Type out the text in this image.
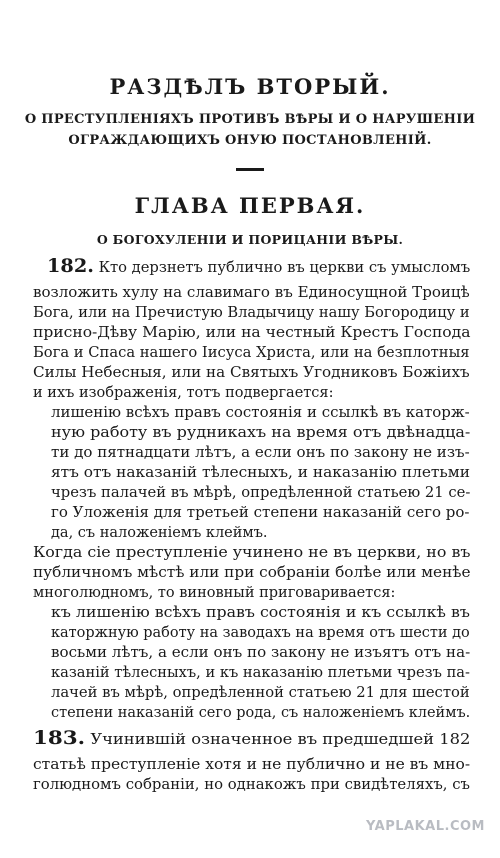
РАЗДѢЛЪ ВТОРЫЙ.
О ПРЕСТУПЛЕНІЯХЪ ПРОТИВЪ ВѢРЫ И О НАРУШЕНІИ
ОГРАЖДАЮЩИХЪ ОНУЮ ПОСТАНОВЛЕНІЙ.
ГЛАВА ПЕРВАЯ.
О БОГОХУЛЕНІИ И ПОРИЦАНІИ ВѢРЫ.
182. Кто дерзнетъ публично въ церкви съ умысломъ
возложить хулу на славимаго въ Единосущной Троицѣ
Бога, или на Пречистую Владычицу нашу Богородицу и
присно-Дѣву Марію, или на честный Крестъ Господа
Бога и Спаса нашего Іисуса Христа, или на безплотныя
Силы Небесныя, или на Святыхъ Угодниковъ Божіихъ
и ихъ изображенія, тотъ подвергается:
лишенію всѣхъ правъ состоянія и ссылкѣ въ каторж-
ную работу въ рудникахъ на время отъ двѣнадца-
ти до пятнадцати лѣтъ, а если онъ по закону не изъ-
ятъ отъ наказаній тѣлесныхъ, и наказанію плетьми
чрезъ палачей въ мѣрѣ, опредѣленной статьею 21 се-
го Уложенія для третьей степени наказаній сего ро-
да, съ наложеніемъ клеймъ.
Когда сіе преступленіе учинено не въ церкви, но въ
публичномъ мѣстѣ или при собраніи болѣе или менѣе
многолюдномъ, то виновный приговаривается:
къ лишенію всѣхъ правъ состоянія и къ ссылкѣ въ
каторжную работу на заводахъ на время отъ шести до
восьми лѣтъ, а если онъ по закону не изъятъ отъ на-
казаній тѣлесныхъ, и къ наказанію плетьми чрезъ па-
лачей въ мѣрѣ, опредѣленной статьею 21 для шестой
степени наказаній сего рода, съ наложеніемъ клеймъ.
183. Учинившій означенное въ предшедшей 182
статьѣ преступленіе хотя и не публично и не въ мно-
голюдномъ собраніи, но однакожъ при свидѣтеляхъ, съ
YAPLAKAL.COM
